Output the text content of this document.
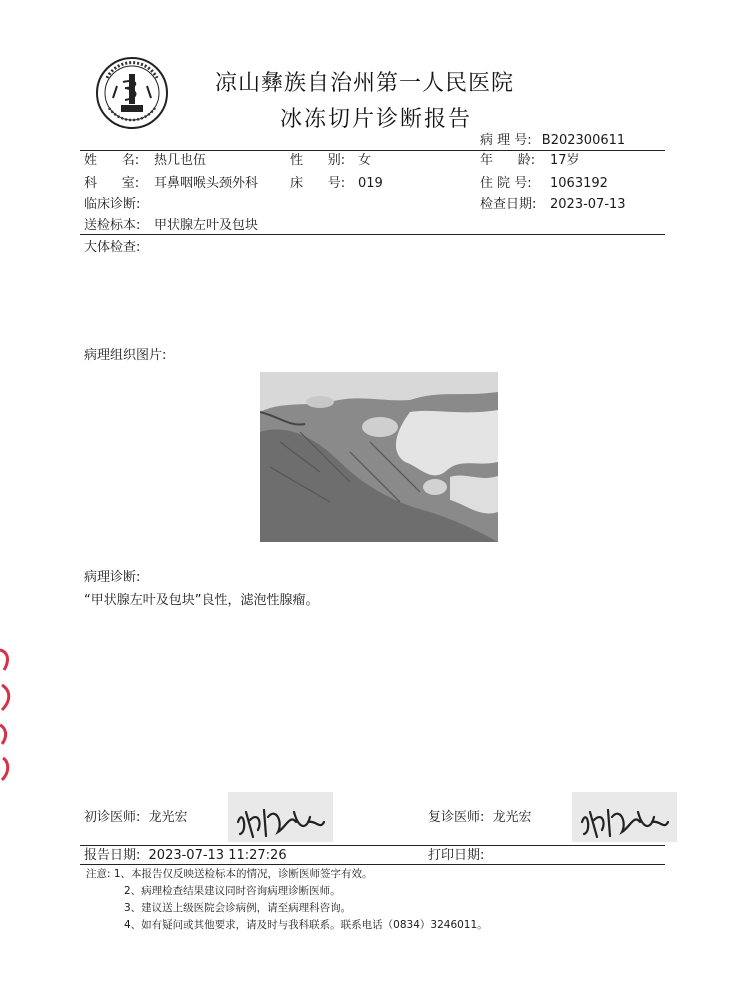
凉山彝族自治州第一人民医院
冰冻切片诊断报告
病 理 号: B202300611
姓      名: 热几也伍	性      别: 女	年      龄: 17岁
科      室: 耳鼻咽喉头颈外科 床      号: 019	住 院 号: 1063192
临床诊断:	检查日期: 2023-07-13
送检标本: 甲状腺左叶及包块
大体检查:
病理组织图片:
病理诊断:
“甲状腺左叶及包块”良性，滤泡性腺瘤。
初诊医师: 龙光宏	复诊医师: 龙光宏
报告日期: 2023-07-13 11:27:26	打印日期:
注意: 1、本报告仅反映送检标本的情况，诊断医师签字有效。
2、病理检查结果建议同时咨询病理诊断医师。
3、建议送上级医院会诊病例，请至病理科咨询。
4、如有疑问或其他要求，请及时与我科联系。联系电话（0834）3246011。
